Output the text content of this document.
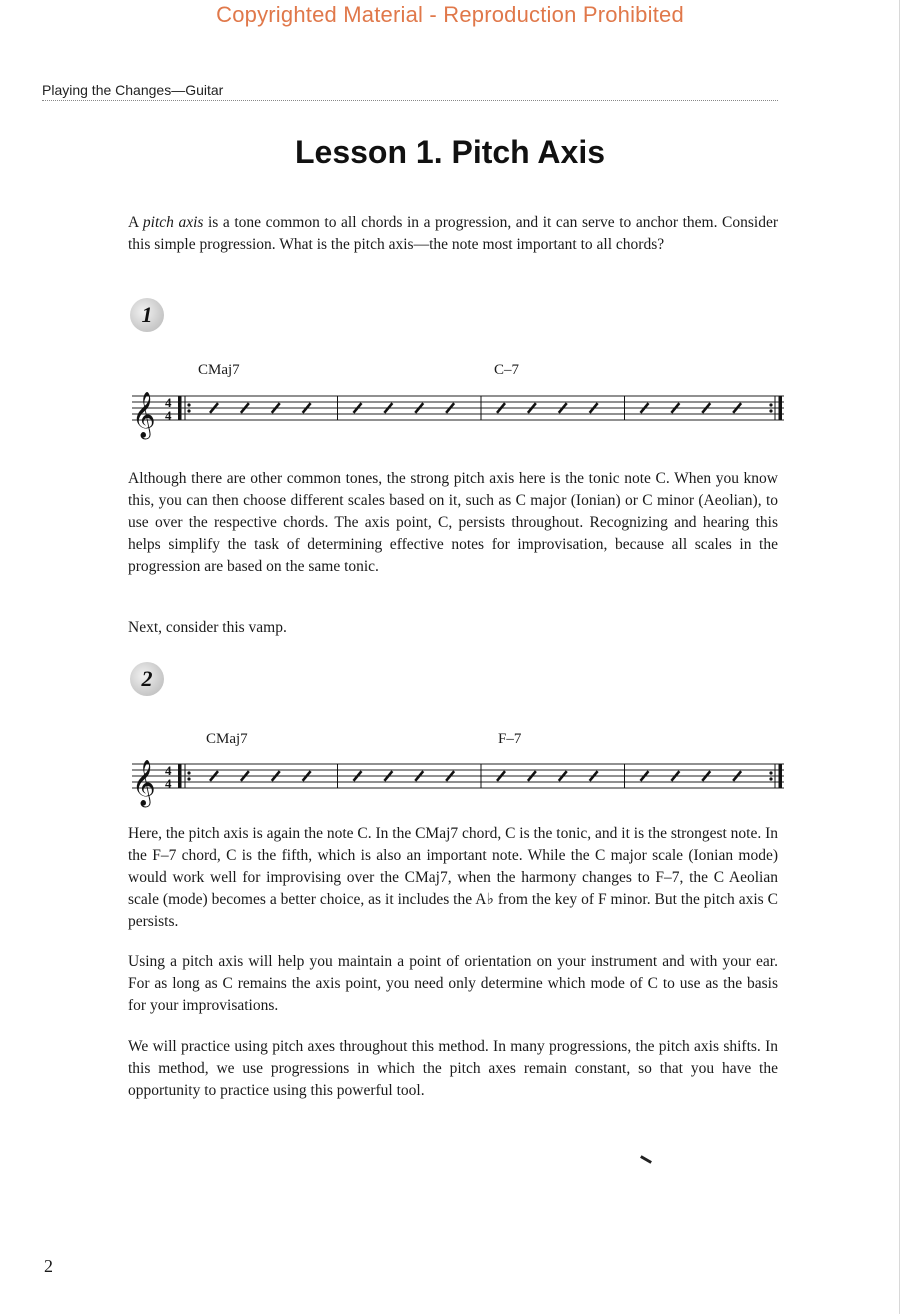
Copyrighted Material - Reproduction Prohibited
Playing the Changes—Guitar
Lesson 1. Pitch Axis

A pitch axis is a tone common to all chords in a progression, and it can serve to anchor them. Consider this simple progression. What is the pitch axis—the note most important to all chords?

1
CMaj7	C–7
𝄞 4
4

Although there are other common tones, the strong pitch axis here is the tonic note C. When you know this, you can then choose different scales based on it, such as C major (Ionian) or C minor (Aeolian), to use over the respective chords. The axis point, C, persists throughout. Recognizing and hearing this helps simplify the task of determining effective notes for improvisation, because all scales in the progression are based on the same tonic.

Next, consider this vamp.

2
CMaj7	F–7
𝄞 4
4

Here, the pitch axis is again the note C. In the CMaj7 chord, C is the tonic, and it is the strongest note. In the F–7 chord, C is the fifth, which is also an important note. While the C major scale (Ionian mode) would work well for improvising over the CMaj7, when the harmony changes to F–7, the C Aeolian scale (mode) becomes a better choice, as it includes the A♭ from the key of F minor. But the pitch axis C persists.

Using a pitch axis will help you maintain a point of orientation on your instrument and with your ear. For as long as C remains the axis point, you need only determine which mode of C to use as the basis for your improvisations.

We will practice using pitch axes throughout this method. In many progressions, the pitch axis shifts. In this method, we use progressions in which the pitch axes remain constant, so that you have the opportunity to practice using this powerful tool.

2
